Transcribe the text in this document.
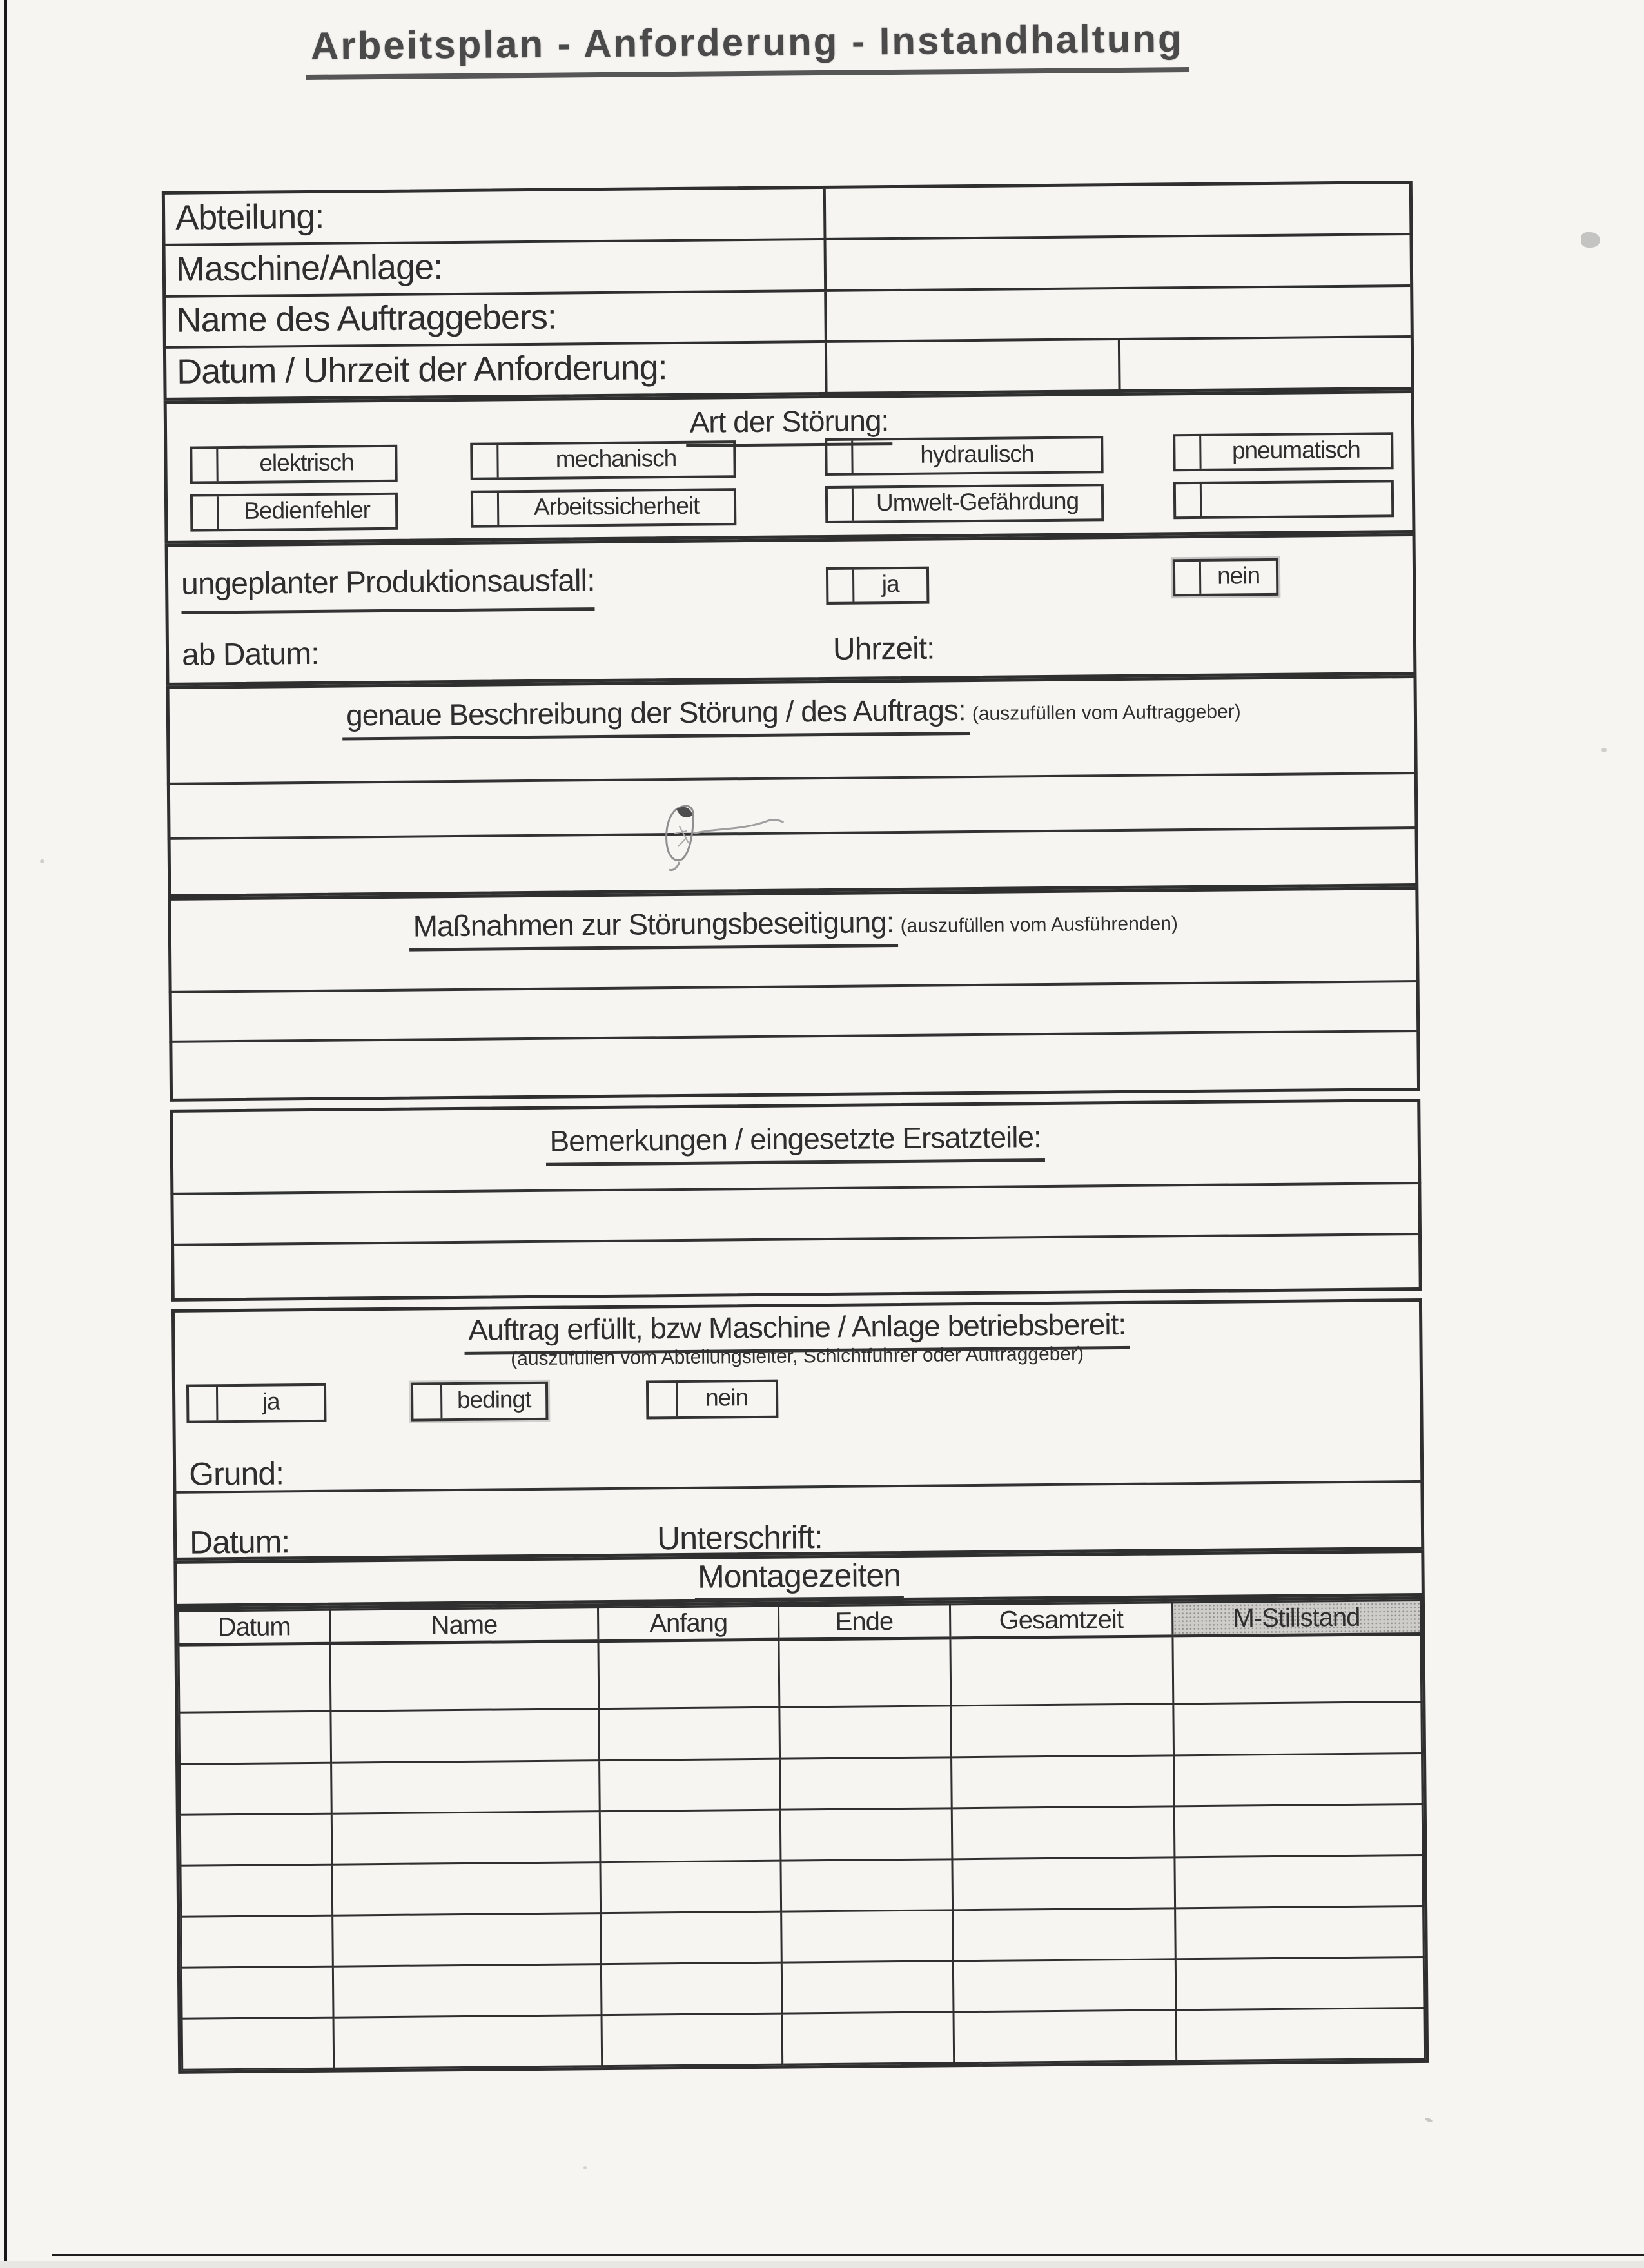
Arbeitsplan - Anforderung - Instandhaltung
Abteilung:
Maschine/Anlage:
Name des Auftraggebers:
Datum / Uhrzeit der Anforderung:
Art der Störung:
elektrisch	mechanisch	hydraulisch	pneumatisch
Bedienfehler	Arbeitssicherheit	Umwelt-Gefährdung
ungeplanter Produktionsausfall:	ja	nein
ab Datum:	Uhrzeit:
genaue Beschreibung der Störung / des Auftrags: (auszufüllen vom Auftraggeber)
Maßnahmen zur Störungsbeseitigung: (auszufüllen vom Ausführenden)
Bemerkungen / eingesetzte Ersatzteile:
Auftrag erfüllt, bzw Maschine / Anlage betriebsbereit:
(auszufüllen vom Abteilungsleiter, Schichtführer oder Auftraggeber)
ja	bedingt	nein
Grund:
Datum:	Unterschrift:
Montagezeiten
Datum	Name	Anfang	Ende	Gesamtzeit	M-Stillstand
